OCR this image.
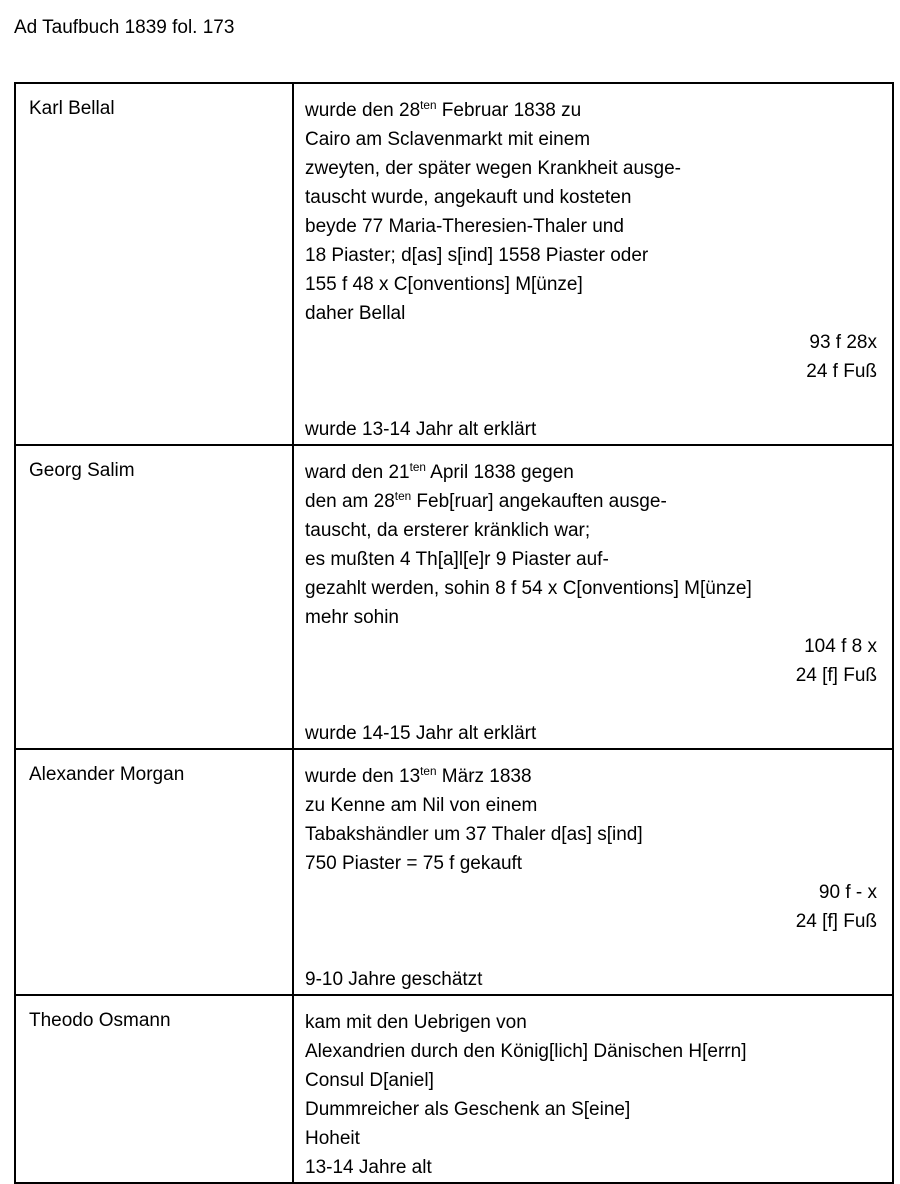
Ad Taufbuch 1839 fol. 173
Karl Bellal	wurde den $28^{ten}$ Februar 1838 zu
Cairo am Sclavenmarkt mit einem
zweyten, der später wegen Krankheit ausge-
tauscht wurde, angekauft und kosteten
beyde 77 Maria-Theresien-Thaler und
18 Piaster; d[as] s[ind] 1558 Piaster oder
155 f 48 x C[onventions] M[ünze]
daher Bellal
93 f 28x
24 f Fuß
wurde 13-14 Jahr alt erklärt

Georg Salim	ward den $21^{ten}$ April 1838 gegen
den am $28^{ten}$ Feb[ruar] angekauften ausge-
tauscht, da ersterer kränklich war;
es mußten 4 Th[a]l[e]r 9 Piaster auf-
gezahlt werden, sohin 8 f 54 x C[onventions] M[ünze]
mehr sohin
104 f 8 x
24 [f] Fuß
wurde 14-15 Jahr alt erklärt

Alexander Morgan	wurde den $13^{ten}$ März 1838
zu Kenne am Nil von einem
Tabakshändler um 37 Thaler d[as] s[ind]
750 Piaster = 75 f gekauft
90 f - x
24 [f] Fuß
9-10 Jahre geschätzt

Theodo Osmann	kam mit den Uebrigen von
Alexandrien durch den König[lich] Dänischen H[errn]
Consul D[aniel]
Dummreicher als Geschenk an S[eine]
Hoheit
13-14 Jahre alt
